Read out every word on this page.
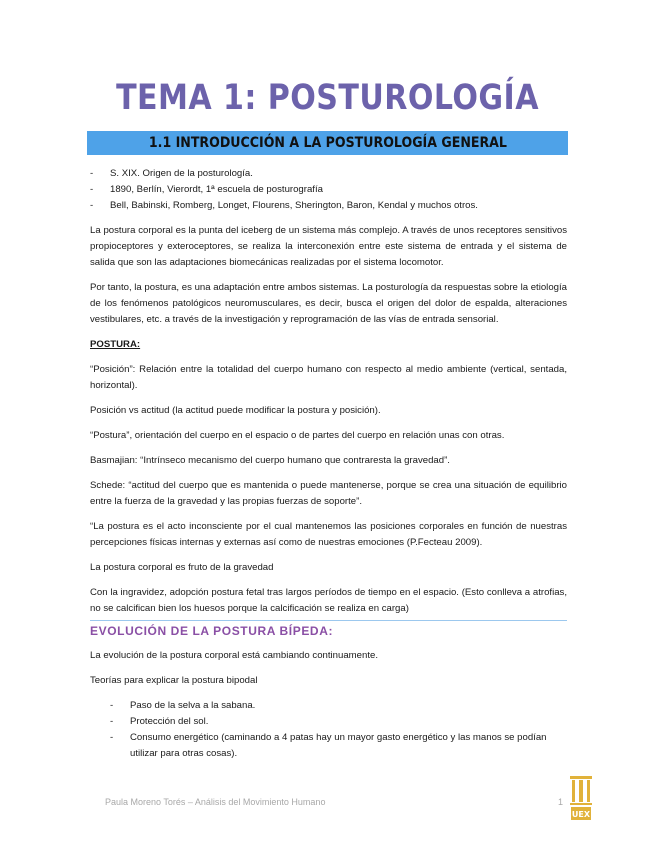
TEMA 1: POSTUROLOGÍA
1.1 INTRODUCCIÓN A LA POSTUROLOGÍA GENERAL
- S. XIX. Origen de la posturología.
- 1890, Berlín, Vierordt, 1ª escuela de posturografía
- Bell, Babinski, Romberg, Longet, Flourens, Sherington, Baron, Kendal y muchos otros.

La postura corporal es la punta del iceberg de un sistema más complejo. A través de unos receptores sensitivos propioceptores y exteroceptores, se realiza la interconexión entre este sistema de entrada y el sistema de salida que son las adaptaciones biomecánicas realizadas por el sistema locomotor.

Por tanto, la postura, es una adaptación entre ambos sistemas. La posturología da respuestas sobre la etiología de los fenómenos patológicos neuromusculares, es decir, busca el origen del dolor de espalda, alteraciones vestibulares, etc. a través de la investigación y reprogramación de las vías de entrada sensorial.

POSTURA:

“Posición”: Relación entre la totalidad del cuerpo humano con respecto al medio ambiente (vertical, sentada, horizontal).

Posición vs actitud (la actitud puede modificar la postura y posición).

“Postura”, orientación del cuerpo en el espacio o de partes del cuerpo en relación unas con otras.

Basmajian: “Intrínseco mecanismo del cuerpo humano que contraresta la gravedad”.

Schede: “actitud del cuerpo que es mantenida o puede mantenerse, porque se crea una situación de equilibrio entre la fuerza de la gravedad y las propias fuerzas de soporte”.

“La postura es el acto inconsciente por el cual mantenemos las posiciones corporales en función de nuestras percepciones físicas internas y externas así como de nuestras emociones (P.Fecteau 2009).

La postura corporal es fruto de la gravedad

Con la ingravidez, adopción postura fetal tras largos períodos de tiempo en el espacio. (Esto conlleva a atrofias, no se calcifican bien los huesos porque la calcificación se realiza en carga)

EVOLUCIÓN DE LA POSTURA BÍPEDA:

La evolución de la postura corporal está cambiando continuamente.

Teorías para explicar la postura bipodal

- Paso de la selva a la sabana.
- Protección del sol.
- Consumo energético (caminando a 4 patas hay un mayor gasto energético y las manos se podían utilizar para otras cosas).
Paula Moreno Torés – Análisis del Movimiento Humano	1
UEX
